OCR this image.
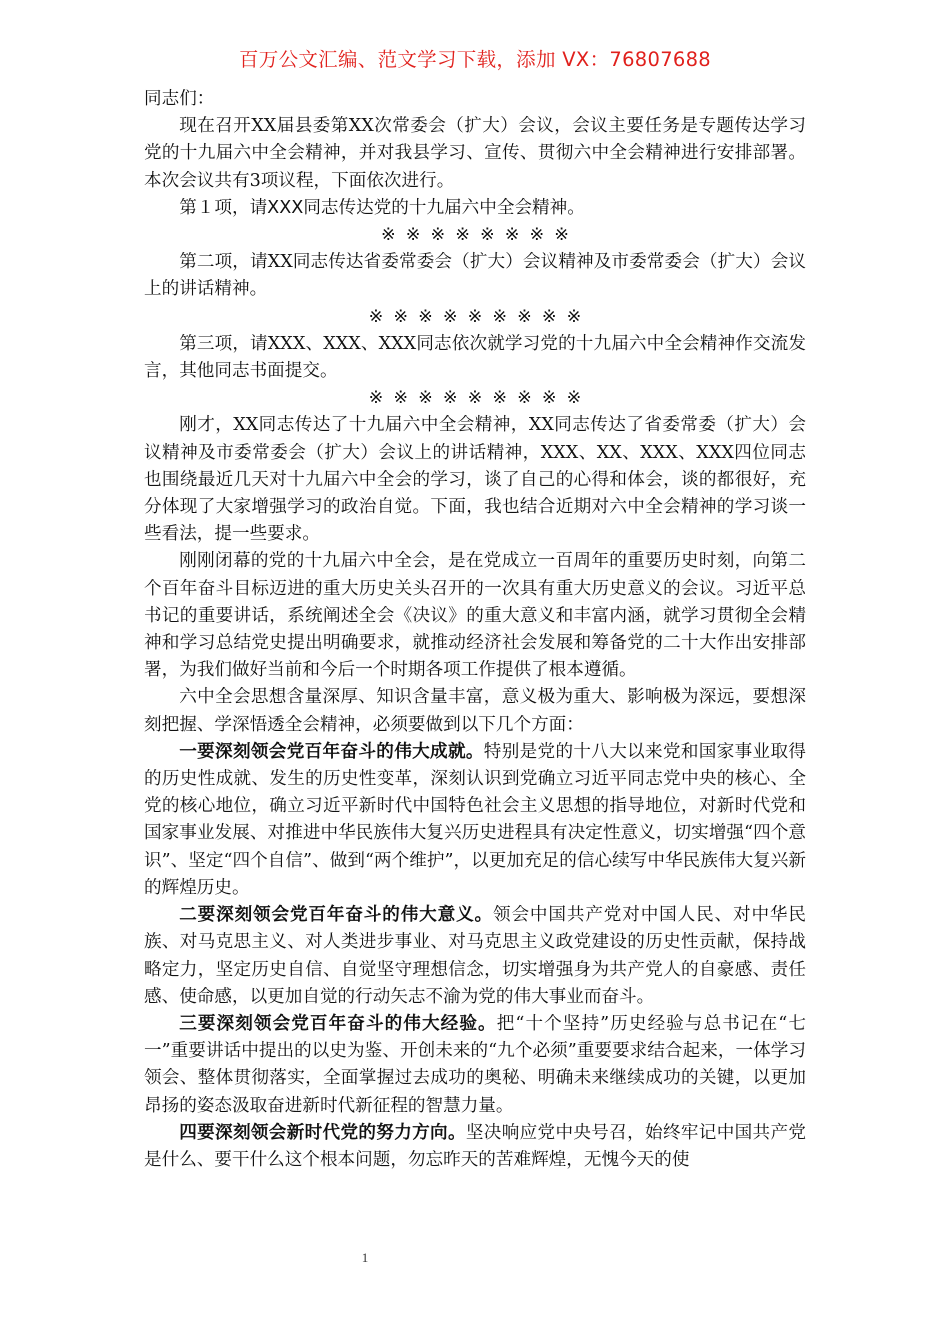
百万公文汇编、范文学习下载，添加 VX：76807688

同志们：

现在召开XX届县委第XX次常委会（扩大）会议，会议主要任务是专题传达学习党的十九届六中全会精神，并对我县学习、宣传、贯彻六中全会精神进行安排部署。本次会议共有3项议程，下面依次进行。

第１项，请XXX同志传达党的十九届六中全会精神。

※※※※※※※※

第二项，请XX同志传达省委常委会（扩大）会议精神及市委常委会（扩大）会议上的讲话精神。

※※※※※※※※※

第三项，请XXX、XXX、XXX同志依次就学习党的十九届六中全会精神作交流发言，其他同志书面提交。

※※※※※※※※※

刚才，XX同志传达了十九届六中全会精神，XX同志传达了省委常委（扩大）会议精神及市委常委会（扩大）会议上的讲话精神，XXX、XX、XXX、XXX四位同志也围绕最近几天对十九届六中全会的学习，谈了自己的心得和体会，谈的都很好，充分体现了大家增强学习的政治自觉。下面，我也结合近期对六中全会精神的学习谈一些看法，提一些要求。

刚刚闭幕的党的十九届六中全会，是在党成立一百周年的重要历史时刻，向第二个百年奋斗目标迈进的重大历史关头召开的一次具有重大历史意义的会议。习近平总书记的重要讲话，系统阐述全会《决议》的重大意义和丰富内涵，就学习贯彻全会精神和学习总结党史提出明确要求，就推动经济社会发展和筹备党的二十大作出安排部署，为我们做好当前和今后一个时期各项工作提供了根本遵循。

六中全会思想含量深厚、知识含量丰富，意义极为重大、影响极为深远，要想深刻把握、学深悟透全会精神，必须要做到以下几个方面：

一要深刻领会党百年奋斗的伟大成就。特别是党的十八大以来党和国家事业取得的历史性成就、发生的历史性变革，深刻认识到党确立习近平同志党中央的核心、全党的核心地位，确立习近平新时代中国特色社会主义思想的指导地位，对新时代党和国家事业发展、对推进中华民族伟大复兴历史进程具有决定性意义，切实增强“四个意识”、坚定“四个自信”、做到“两个维护”，以更加充足的信心续写中华民族伟大复兴新的辉煌历史。

二要深刻领会党百年奋斗的伟大意义。领会中国共产党对中国人民、对中华民族、对马克思主义、对人类进步事业、对马克思主义政党建设的历史性贡献，保持战略定力，坚定历史自信、自觉坚守理想信念，切实增强身为共产党人的自豪感、责任感、使命感，以更加自觉的行动矢志不渝为党的伟大事业而奋斗。

三要深刻领会党百年奋斗的伟大经验。把“十个坚持”历史经验与总书记在“七一”重要讲话中提出的以史为鉴、开创未来的“九个必须”重要要求结合起来，一体学习领会、整体贯彻落实，全面掌握过去成功的奥秘、明确未来继续成功的关键，以更加昂扬的姿态汲取奋进新时代新征程的智慧力量。

四要深刻领会新时代党的努力方向。坚决响应党中央号召，始终牢记中国共产党是什么、要干什么这个根本问题，勿忘昨天的苦难辉煌，无愧今天的使

1
